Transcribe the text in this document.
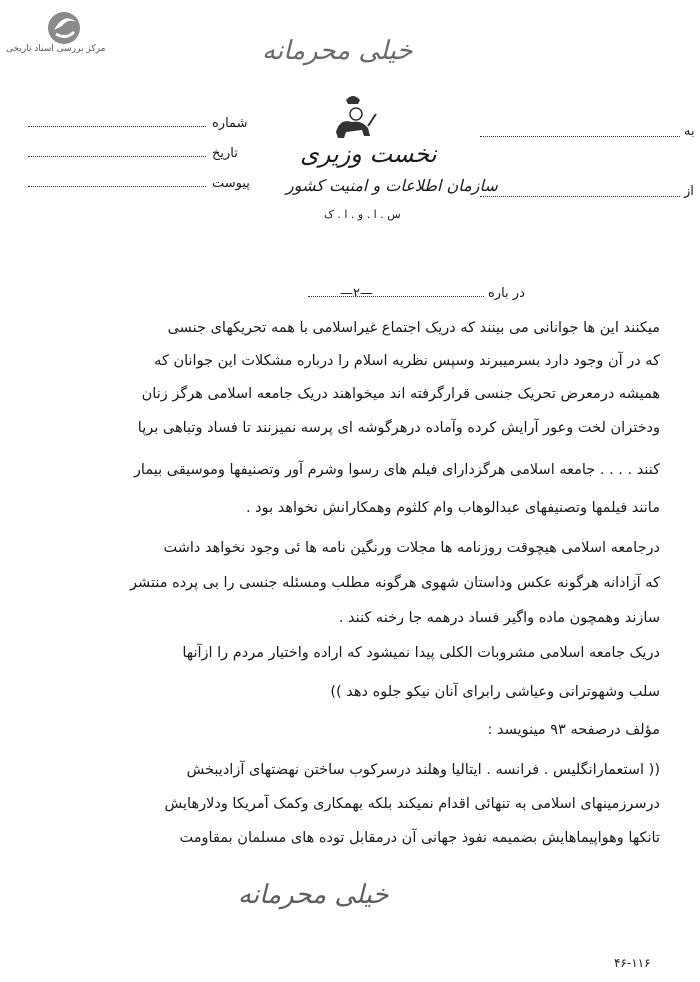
مرکز بررسی اسناد تاریخی	خیلی محرمانه
نخست وزیری
سازمان اطلاعات و امنیت کشور
س . ا . و . ا . ک
شماره
تاریخ
پیوست
به
از
در باره
—٢—
میکنند این ها جوانانی می بینند که دریک اجتماع غیراسلامی با همه تحریکهای جنسی
که در آن وجود دارد بسرمیبرند وسپس نظریه اسلام را درباره مشکلات این جوانان که
همیشه درمعرض تحریک جنسی قرارگرفته اند میخواهند دریک جامعه اسلامی هرگز زنان
ودختران لخت وعور آرایش کرده وآماده درهرگوشه ای پرسه نمیزنند تا فساد وتباهی برپا
کنند . . . . جامعه اسلامی هرگزدارای فیلم های رسوا وشرم آور وتصنیفها وموسیقی بیمار
مانند فیلمها وتصنیفهای عبدالوهاب وام کلثوم وهمکارانش نخواهد بود .
درجامعه اسلامی هیچوقت روزنامه ها مجلات ورنگین نامه ها ئی وجود نخواهد داشت
که آزادانه هرگونه عکس وداستان شهوی هرگونه مطلب ومسئله جنسی را بی پرده منتشر
سازند وهمچون ماده واگیر فساد درهمه جا رخنه کنند .
دریک جامعه اسلامی مشروبات الکلی پیدا نمیشود که اراده واختیار مردم را ازآنها
سلب وشهوترانی وعیاشی رابرای آنان نیکو جلوه دهد ))
مؤلف درصفحه ۹۳ مینویسد :
(( استعمارانگلیس . فرانسه . ایتالیا وهلند درسرکوب ساختن نهضتهای آزادیبخش
درسرزمینهای اسلامی به تنهائی اقدام نمیکند بلکه بهمکاری وکمک آمریکا ودلارهایش
تانکها وهواپیماهایش بضمیمه نفوذ جهانی آن درمقابل توده های مسلمان بمقاومت
خیلی محرمانه
۴۶-۱۱۶
